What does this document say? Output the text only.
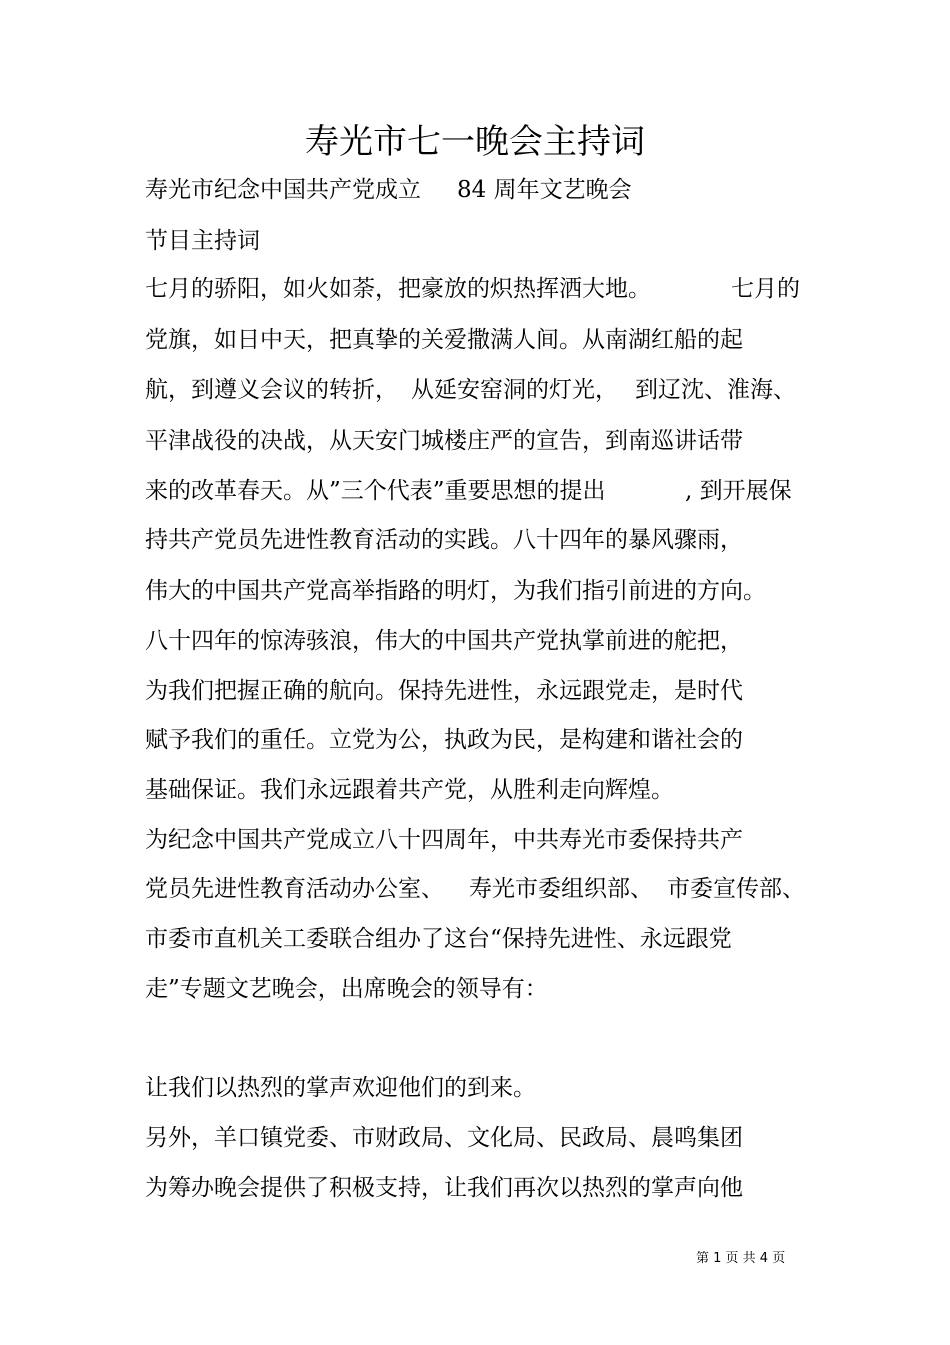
寿光市七一晚会主持词

寿光市纪念中国共产党成立

84 周年文艺晚会

节目主持词

七月的骄阳，如火如荼，把豪放的炽热挥洒大地。

	七月的

党旗，如日中天，把真挚的关爱撒满人间。从南湖红船的起

航，到遵义会议的转折，

从延安窑洞的灯光，

到辽沈、淮海、

平津战役的决战，从天安门城楼庄严的宣告，到南巡讲话带

来的改革春天。从”三个代表”重要思想的提出

	, 到开展保

持共产党员先进性教育活动的实践。八十四年的暴风骤雨，

伟大的中国共产党高举指路的明灯，为我们指引前进的方向。

八十四年的惊涛骇浪，伟大的中国共产党执掌前进的舵把，

为我们把握正确的航向。保持先进性，永远跟党走，是时代

赋予我们的重任。立党为公，执政为民，是构建和谐社会的

基础保证。我们永远跟着共产党，从胜利走向辉煌。

为纪念中国共产党成立八十四周年，中共寿光市委保持共产

党员先进性教育活动办公室、

寿光市委组织部、

市委宣传部、

市委市直机关工委联合组办了这台“保持先进性、永远跟党

走”专题文艺晚会，出席晚会的领导有：

让我们以热烈的掌声欢迎他们的到来。

另外，羊口镇党委、市财政局、文化局、民政局、晨鸣集团

为筹办晚会提供了积极支持，让我们再次以热烈的掌声向他

第 1 页 共 4 页
